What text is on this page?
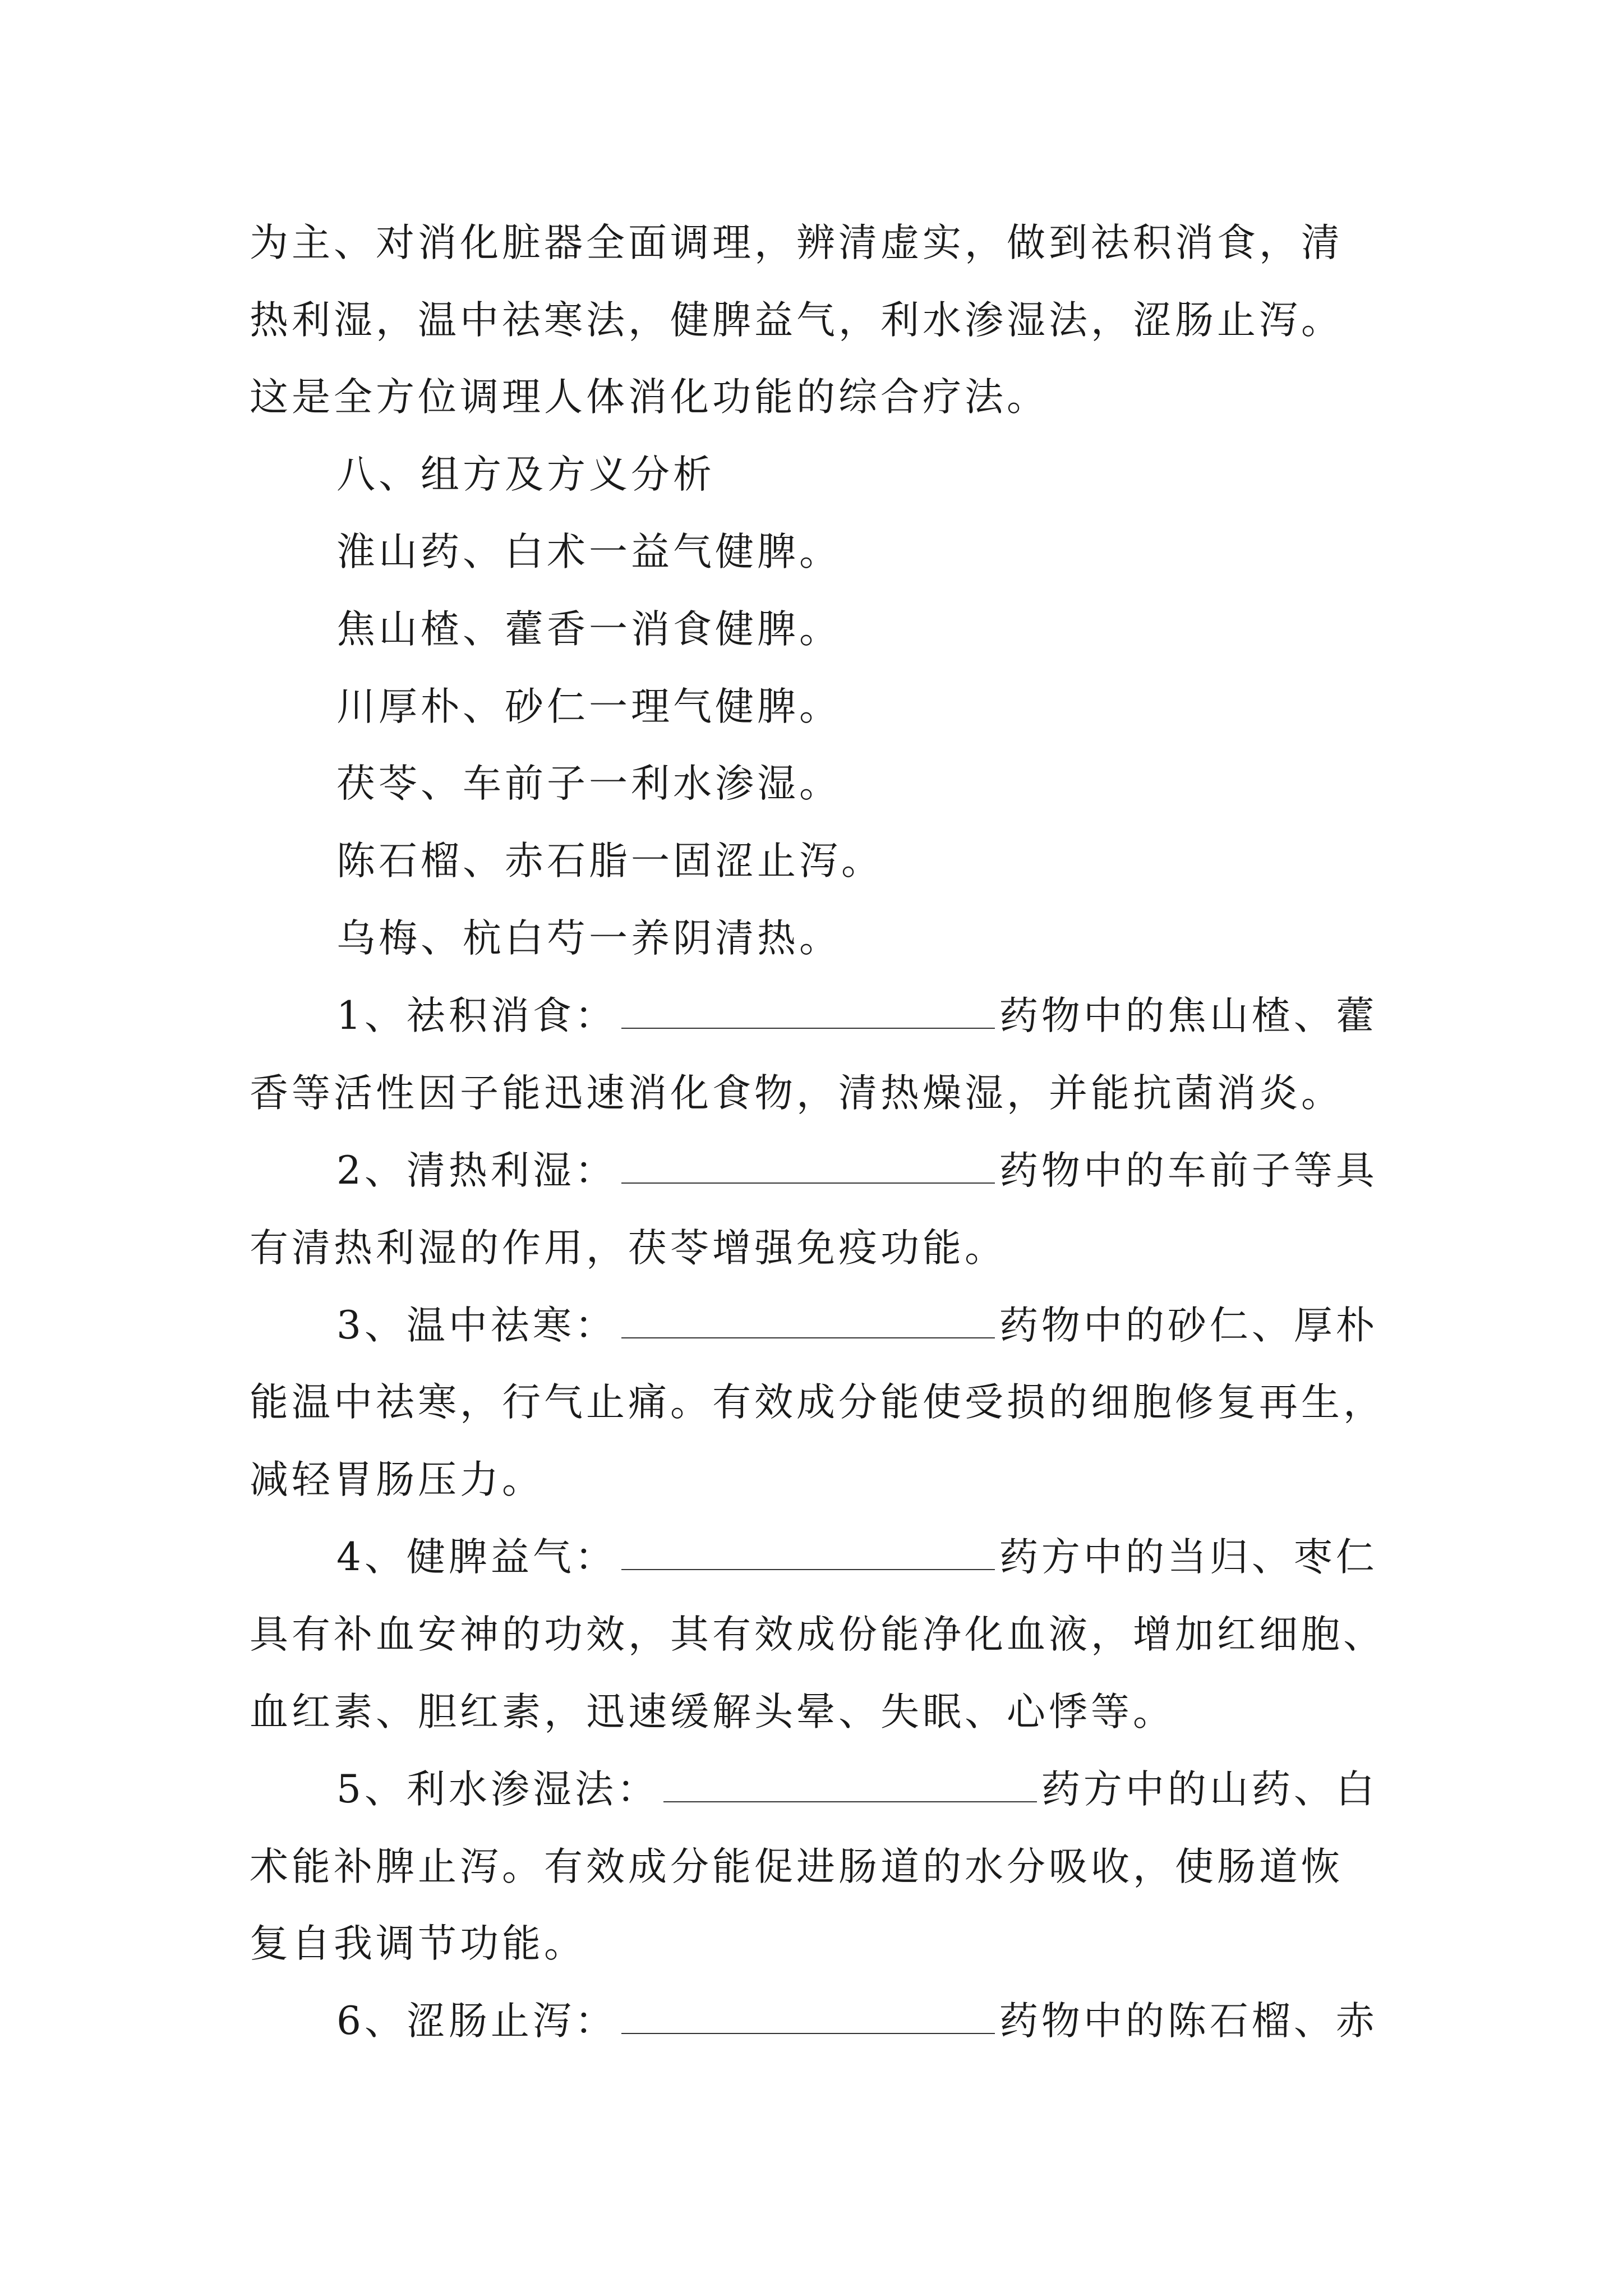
为主、对消化脏器全面调理，辨清虚实，做到祛积消食，清
热利湿，温中祛寒法，健脾益气，利水渗湿法，涩肠止泻。
这是全方位调理人体消化功能的综合疗法。
八、组方及方义分析
淮山药、白术一益气健脾。
焦山楂、藿香一消食健脾。
川厚朴、砂仁一理气健脾。
茯苓、车前子一利水渗湿。
陈石榴、赤石脂一固涩止泻。
乌梅、杭白芍一养阴清热。
1、祛积消食：	药物中的焦山楂、藿
香等活性因子能迅速消化食物，清热燥湿，并能抗菌消炎。
2、清热利湿：	药物中的车前子等具
有清热利湿的作用，茯苓增强免疫功能。
3、温中祛寒：	药物中的砂仁、厚朴
能温中祛寒，行气止痛。有效成分能使受损的细胞修复再生，
减轻胃肠压力。
4、健脾益气：	药方中的当归、枣仁
具有补血安神的功效，其有效成份能净化血液，增加红细胞、
血红素、胆红素，迅速缓解头晕、失眠、心悸等。
5、利水渗湿法：	药方中的山药、白
术能补脾止泻。有效成分能促进肠道的水分吸收，使肠道恢
复自我调节功能。
6、涩肠止泻：	药物中的陈石榴、赤
